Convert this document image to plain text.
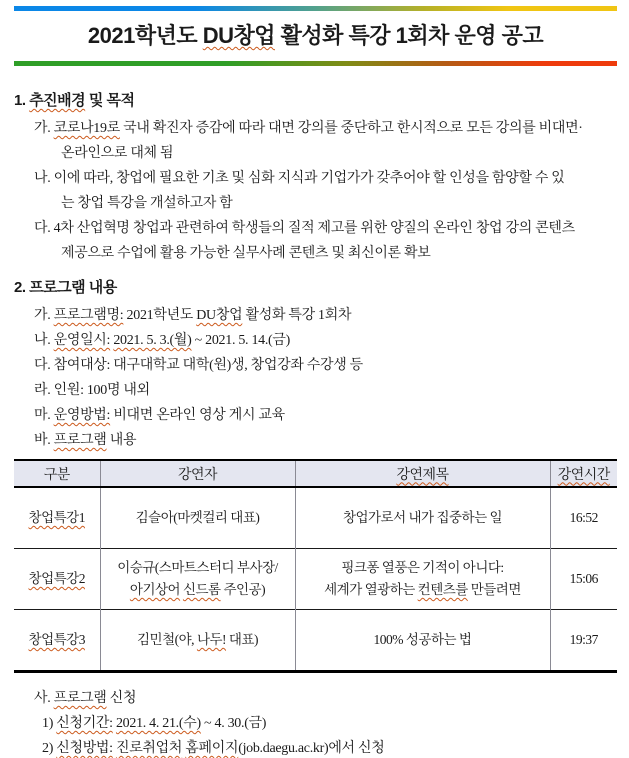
2021학년도 DU창업 활성화 특강 1회차 운영 공고
1. 추진배경 및 목적
가. 코로나19로 국내 확진자 증감에 따라 대면 강의를 중단하고 한시적으로 모든 강의를 비대면·
온라인으로 대체 됨
나. 이에 따라, 창업에 필요한 기초 및 심화 지식과 기업가가 갖추어야 할 인성을 함양할 수 있
는 창업 특강을 개설하고자 함
다. 4차 산업혁명 창업과 관련하여 학생들의 질적 제고를 위한 양질의 온라인 창업 강의 콘텐츠
제공으로 수업에 활용 가능한 실무사례 콘텐츠 및 최신이론 확보
2. 프로그램 내용
가. 프로그램명: 2021학년도 DU창업 활성화 특강 1회차
나. 운영일시: 2021. 5. 3.(월) ~ 2021. 5. 14.(금)
다. 참여대상: 대구대학교 대학(원)생, 창업강좌 수강생 등
라. 인원: 100명 내외
마. 운영방법: 비대면 온라인 영상 게시 교육
바. 프로그램 내용
구분	강연자	강연제목	강연시간
창업특강1	김슬아(마켓컬리 대표)	창업가로서 내가 집중하는 일	16:52
창업특강2	이승규(스마트스터디 부사장/
아기상어 신드롬 주인공)	핑크퐁 열풍은 기적이 아니다:
세계가 열광하는 컨텐츠를 만들려면	15:06
창업특강3	김민철(야, 나두! 대표)	100% 성공하는 법	19:37
사. 프로그램 신청
1) 신청기간: 2021. 4. 21.(수) ~ 4. 30.(금)
2) 신청방법: 진로취업처 홈페이지(job.daegu.ac.kr)에서 신청
